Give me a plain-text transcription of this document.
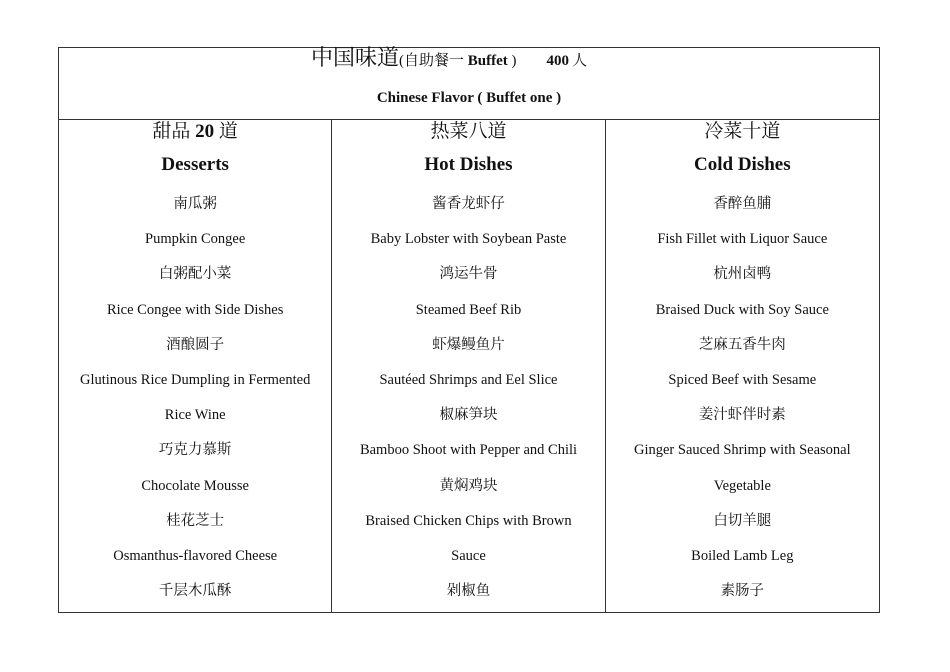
中国味道(自助餐一 Buffet ) 400 人
Chinese Flavor ( Buffet one )
甜品 20 道
Desserts
南瓜粥
Pumpkin Congee
白粥配小菜
Rice Congee with Side Dishes
酒酿圆子
Glutinous Rice Dumpling in Fermented
Rice Wine
巧克力慕斯
Chocolate Mousse
桂花芝士
Osmanthus-flavored Cheese
千层木瓜酥
热菜八道
Hot Dishes
酱香龙虾仔
Baby Lobster with Soybean Paste
鸿运牛骨
Steamed Beef Rib
虾爆鳗鱼片
Sautéed Shrimps and Eel Slice
椒麻笋块
Bamboo Shoot with Pepper and Chili
黄焖鸡块
Braised Chicken Chips with Brown
Sauce
剁椒鱼
冷菜十道
Cold Dishes
香醉鱼脯
Fish Fillet with Liquor Sauce
杭州卤鸭
Braised Duck with Soy Sauce
芝麻五香牛肉
Spiced Beef with Sesame
姜汁虾伴时素
Ginger Sauced Shrimp with Seasonal
Vegetable
白切羊腿
Boiled Lamb Leg
素肠子
